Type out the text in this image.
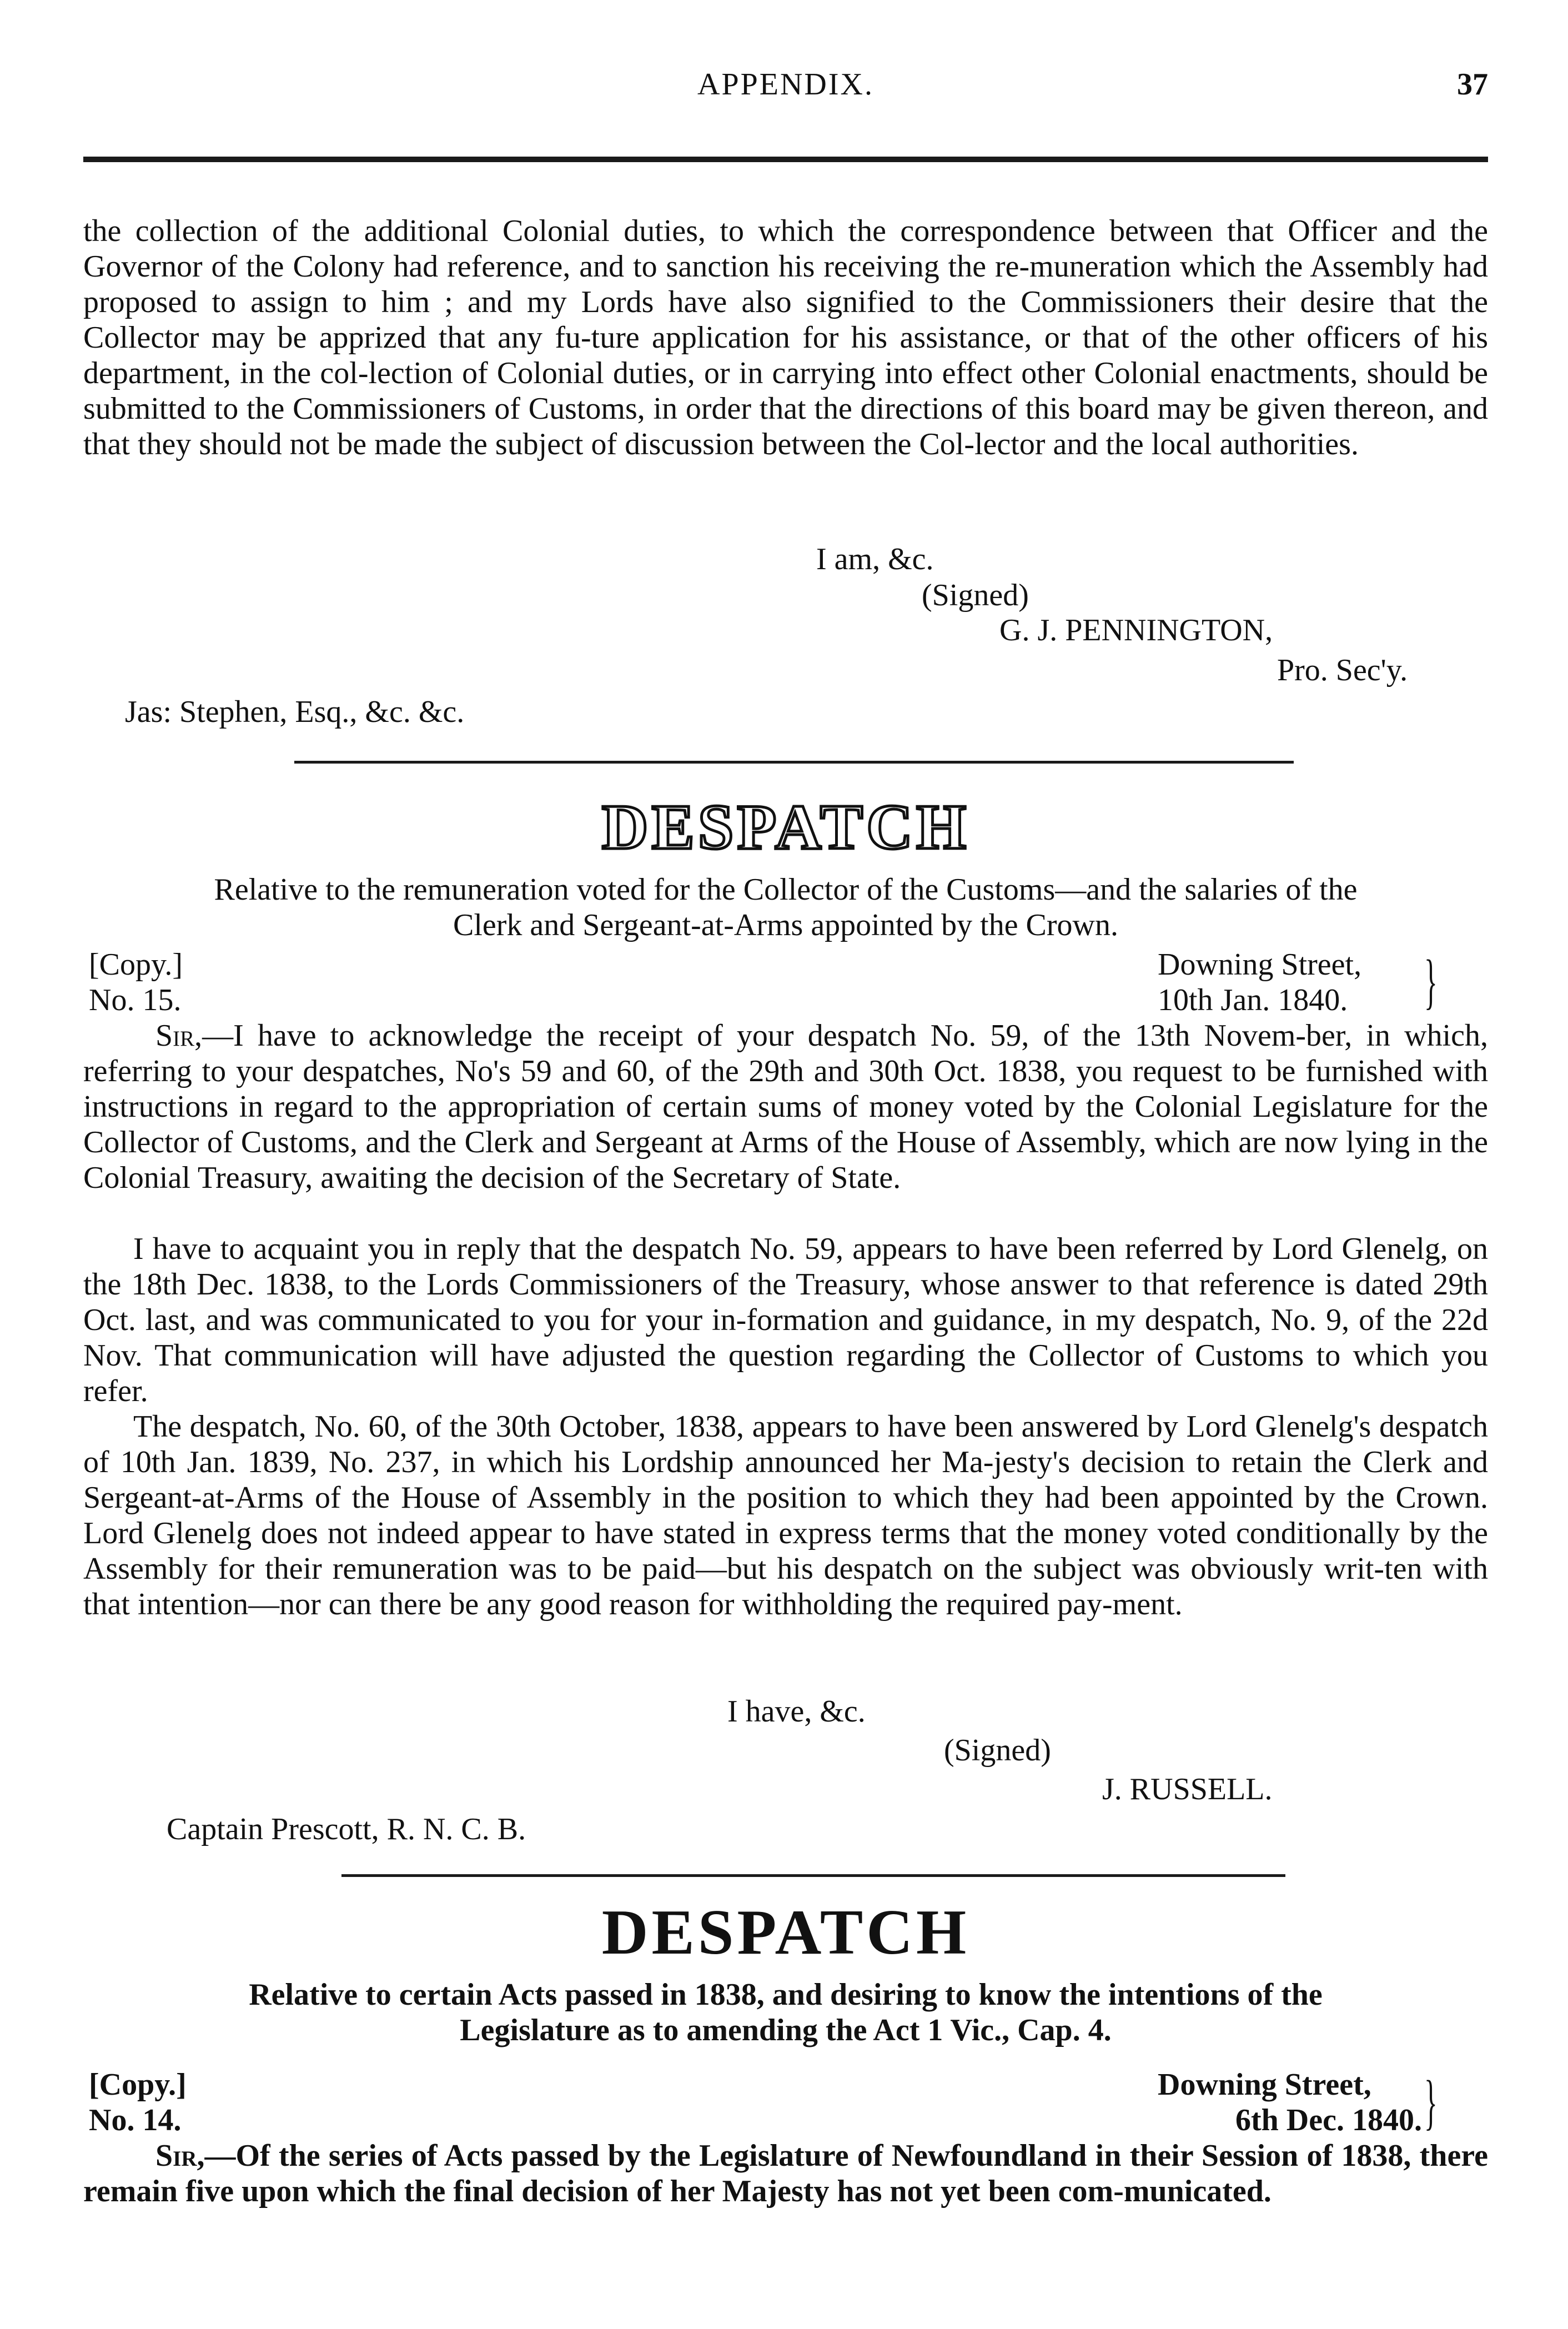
APPENDIX.	37
the collection of the additional Colonial duties, to which the correspondence between that Officer and the Governor of the Colony had reference, and to sanction his receiving the re-muneration which the Assembly had proposed to assign to him ; and my Lords have also signified to the Commissioners their desire that the Collector may be apprized that any fu-ture application for his assistance, or that of the other officers of his department, in the col-lection of Colonial duties, or in carrying into effect other Colonial enactments, should be submitted to the Commissioners of Customs, in order that the directions of this board may be given thereon, and that they should not be made the subject of discussion between the Col-lector and the local authorities.
I am, &c.
(Signed)
G. J. PENNINGTON,
Pro. Sec'y.
Jas: Stephen, Esq., &c. &c.
DESPATCH
Relative to the remuneration voted for the Collector of the Customs—and the salaries of the
Clerk and Sergeant-at-Arms appointed by the Crown.
[Copy.]
No. 15.
Downing Street,
10th Jan. 1840. }
Sir,—I have to acknowledge the receipt of your despatch No. 59, of the 13th Novem-ber, in which, referring to your despatches, No's 59 and 60, of the 29th and 30th Oct. 1838, you request to be furnished with instructions in regard to the appropriation of certain sums of money voted by the Colonial Legislature for the Collector of Customs, and the Clerk and Sergeant at Arms of the House of Assembly, which are now lying in the Colonial Treasury, awaiting the decision of the Secretary of State.
I have to acquaint you in reply that the despatch No. 59, appears to have been referred by Lord Glenelg, on the 18th Dec. 1838, to the Lords Commissioners of the Treasury, whose answer to that reference is dated 29th Oct. last, and was communicated to you for your in-formation and guidance, in my despatch, No. 9, of the 22d Nov. That communication will have adjusted the question regarding the Collector of Customs to which you refer.
The despatch, No. 60, of the 30th October, 1838, appears to have been answered by Lord Glenelg's despatch of 10th Jan. 1839, No. 237, in which his Lordship announced her Ma-jesty's decision to retain the Clerk and Sergeant-at-Arms of the House of Assembly in the position to which they had been appointed by the Crown. Lord Glenelg does not indeed appear to have stated in express terms that the money voted conditionally by the Assembly for their remuneration was to be paid—but his despatch on the subject was obviously writ-ten with that intention—nor can there be any good reason for withholding the required pay-ment.
I have, &c.
(Signed)
J. RUSSELL.
Captain Prescott, R. N. C. B.
DESPATCH
Relative to certain Acts passed in 1838, and desiring to know the intentions of the
Legislature as to amending the Act 1 Vic., Cap. 4.
[Copy.]
No. 14.
Downing Street,
6th Dec. 1840. }
Sir,—Of the series of Acts passed by the Legislature of Newfoundland in their Session of 1838, there remain five upon which the final decision of her Majesty has not yet been com-municated.
